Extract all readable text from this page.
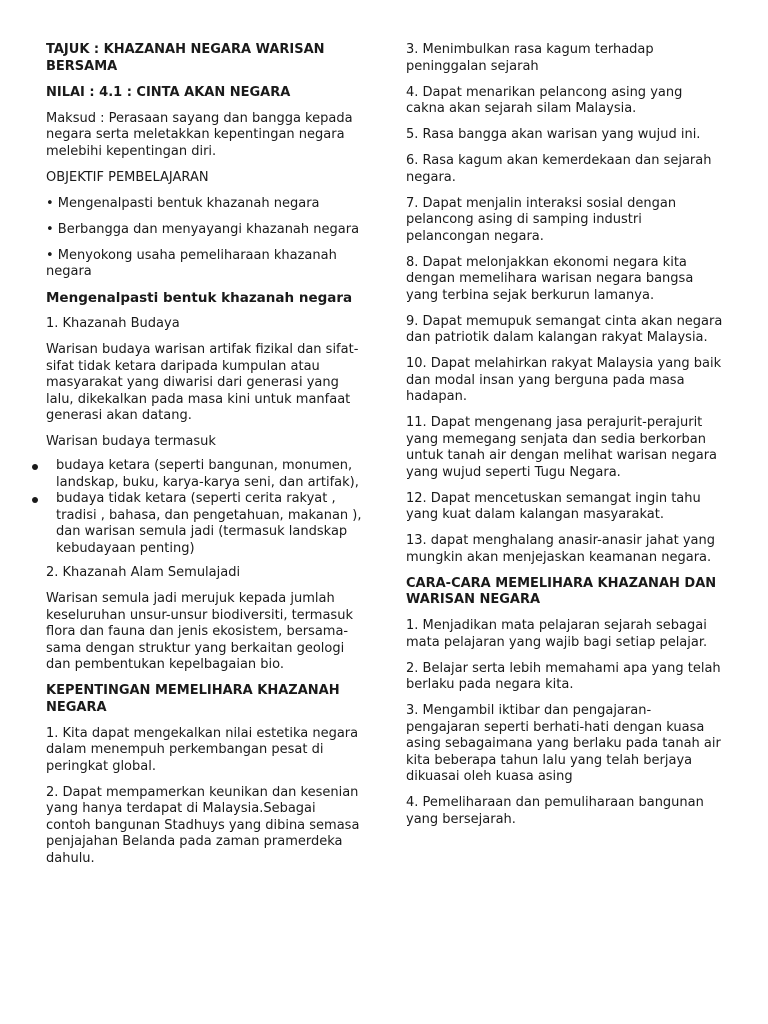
TAJUK : KHAZANAH NEGARA WARISAN BERSAMA

NILAI : 4.1 : CINTA AKAN NEGARA

Maksud : Perasaan sayang dan bangga kepada negara serta meletakkan kepentingan negara melebihi kepentingan diri.

OBJEKTIF PEMBELAJARAN

• Mengenalpasti bentuk khazanah negara

• Berbangga dan menyayangi khazanah negara

• Menyokong usaha pemeliharaan khazanah negara

Mengenalpasti bentuk khazanah negara

1. Khazanah Budaya

Warisan budaya warisan artifak fizikal dan sifat-sifat tidak ketara daripada kumpulan atau masyarakat yang diwarisi dari generasi yang lalu, dikekalkan pada masa kini untuk manfaat generasi akan datang.

Warisan budaya termasuk

budaya ketara (seperti bangunan, monumen, landskap, buku, karya-karya seni, dan artifak),
budaya tidak ketara (seperti cerita rakyat , tradisi , bahasa, dan pengetahuan, makanan ), dan warisan semula jadi (termasuk landskap kebudayaan penting)

2. Khazanah Alam Semulajadi

Warisan semula jadi merujuk kepada jumlah keseluruhan unsur-unsur biodiversiti, termasuk flora dan fauna dan jenis ekosistem, bersama-sama dengan struktur yang berkaitan geologi dan pembentukan kepelbagaian bio.

KEPENTINGAN MEMELIHARA KHAZANAH NEGARA

1. Kita dapat mengekalkan nilai estetika negara dalam menempuh perkembangan pesat di peringkat global.

2. Dapat mempamerkan keunikan dan kesenian yang hanya terdapat di Malaysia.Sebagai contoh bangunan Stadhuys yang dibina semasa penjajahan Belanda pada zaman pramerdeka dahulu.

3. Menimbulkan rasa kagum terhadap peninggalan sejarah

4. Dapat menarikan pelancong asing yang cakna akan sejarah silam Malaysia.

5. Rasa bangga akan warisan yang wujud ini.

6. Rasa kagum akan kemerdekaan dan sejarah negara.

7. Dapat menjalin interaksi sosial dengan pelancong asing di samping industri pelancongan negara.

8. Dapat melonjakkan ekonomi negara kita dengan memelihara warisan negara bangsa yang terbina sejak berkurun lamanya.

9. Dapat memupuk semangat cinta akan negara dan patriotik dalam kalangan rakyat Malaysia.

10. Dapat melahirkan rakyat Malaysia yang baik dan modal insan yang berguna pada masa hadapan.

11. Dapat mengenang jasa perajurit-perajurit yang memegang senjata dan sedia berkorban untuk tanah air dengan melihat warisan negara yang wujud seperti Tugu Negara.

12. Dapat mencetuskan semangat ingin tahu yang kuat dalam kalangan masyarakat.

13. dapat menghalang anasir-anasir jahat yang mungkin akan menjejaskan keamanan negara.

CARA-CARA MEMELIHARA KHAZANAH DAN WARISAN NEGARA

1. Menjadikan mata pelajaran sejarah sebagai mata pelajaran yang wajib bagi setiap pelajar.

2. Belajar serta lebih memahami apa yang telah berlaku pada negara kita.

3. Mengambil iktibar dan pengajaran-pengajaran seperti berhati-hati dengan kuasa asing sebagaimana yang berlaku pada tanah air kita beberapa tahun lalu yang telah berjaya dikuasai oleh kuasa asing

4. Pemeliharaan dan pemuliharaan bangunan yang bersejarah.
